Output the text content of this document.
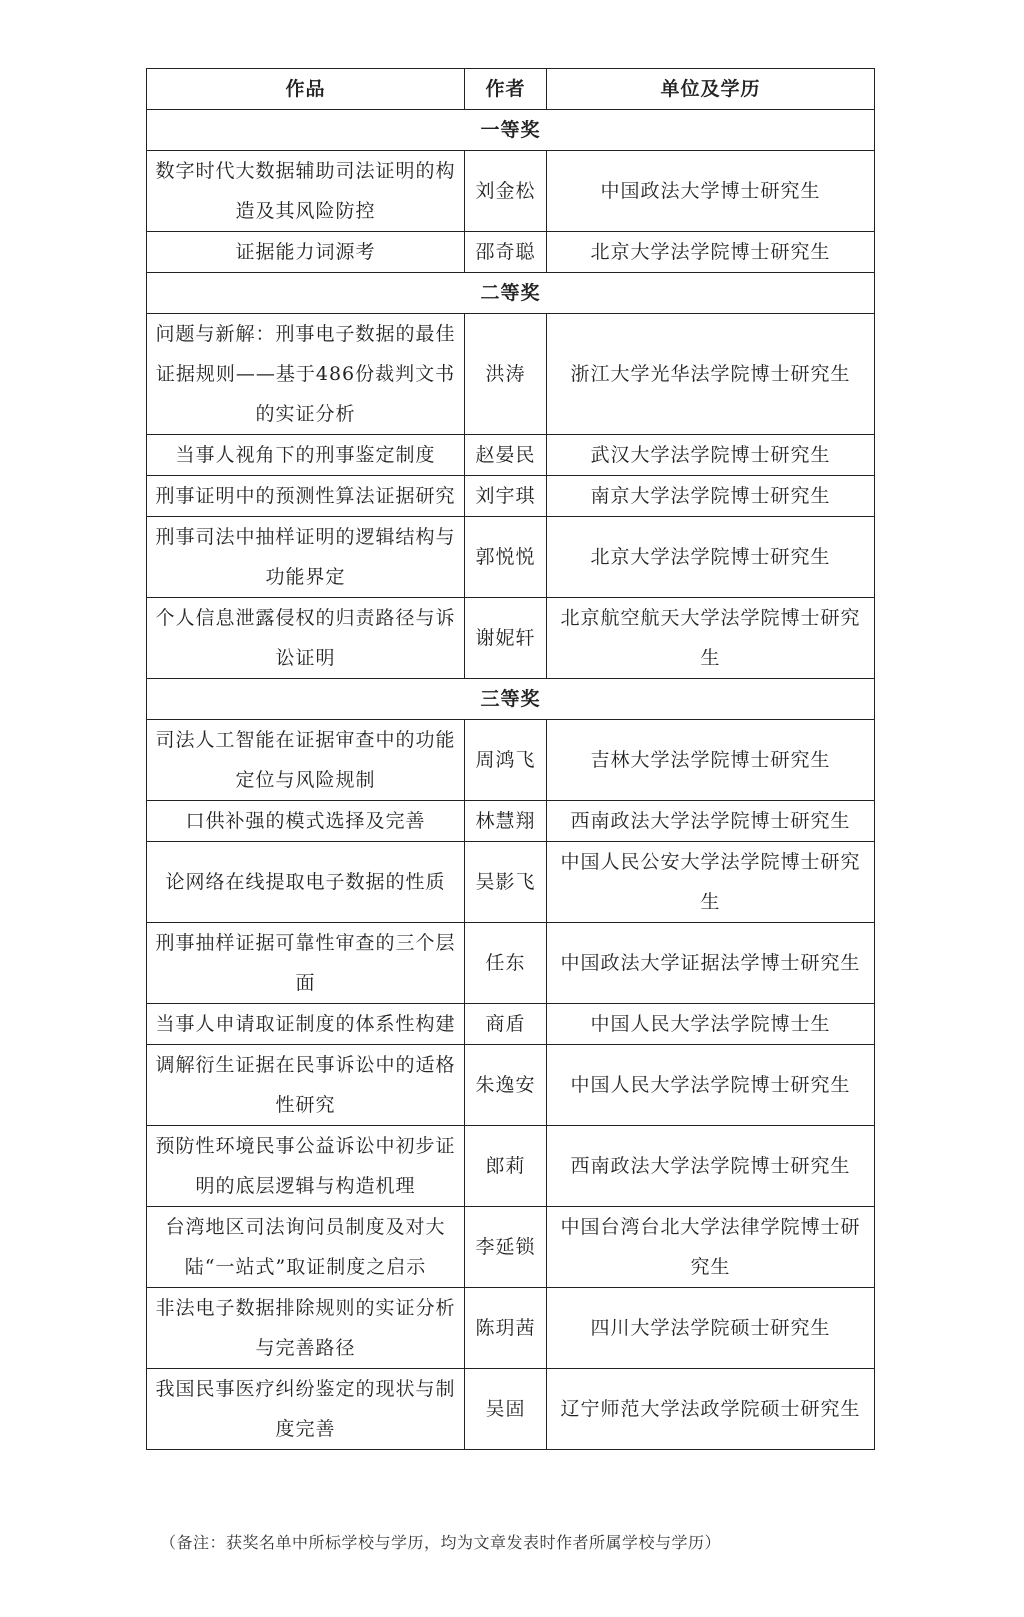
作品	作者	单位及学历
一等奖		
数字时代大数据辅助司法证明的构造及其风险防控	刘金松	中国政法大学博士研究生
证据能力词源考	邵奇聪	北京大学法学院博士研究生
二等奖		
问题与新解：刑事电子数据的最佳证据规则——基于486份裁判文书的实证分析	洪涛	浙江大学光华法学院博士研究生
当事人视角下的刑事鉴定制度	赵晏民	武汉大学法学院博士研究生
刑事证明中的预测性算法证据研究	刘宇琪	南京大学法学院博士研究生
刑事司法中抽样证明的逻辑结构与功能界定	郭悦悦	北京大学法学院博士研究生
个人信息泄露侵权的归责路径与诉讼证明	谢妮轩	北京航空航天大学法学院博士研究生
三等奖		
司法人工智能在证据审查中的功能定位与风险规制	周鸿飞	吉林大学法学院博士研究生
口供补强的模式选择及完善	林慧翔	西南政法大学法学院博士研究生
论网络在线提取电子数据的性质	吴影飞	中国人民公安大学法学院博士研究生
刑事抽样证据可靠性审查的三个层面	任东	中国政法大学证据法学博士研究生
当事人申请取证制度的体系性构建	商盾	中国人民大学法学院博士生
调解衍生证据在民事诉讼中的适格性研究	朱逸安	中国人民大学法学院博士研究生
预防性环境民事公益诉讼中初步证明的底层逻辑与构造机理	郎莉	西南政法大学法学院博士研究生
台湾地区司法询问员制度及对大陆“一站式”取证制度之启示	李延锁	中国台湾台北大学法律学院博士研究生
非法电子数据排除规则的实证分析与完善路径	陈玥茜	四川大学法学院硕士研究生
我国民事医疗纠纷鉴定的现状与制度完善	吴固	辽宁师范大学法政学院硕士研究生
（备注：获奖名单中所标学校与学历，均为文章发表时作者所属学校与学历）
